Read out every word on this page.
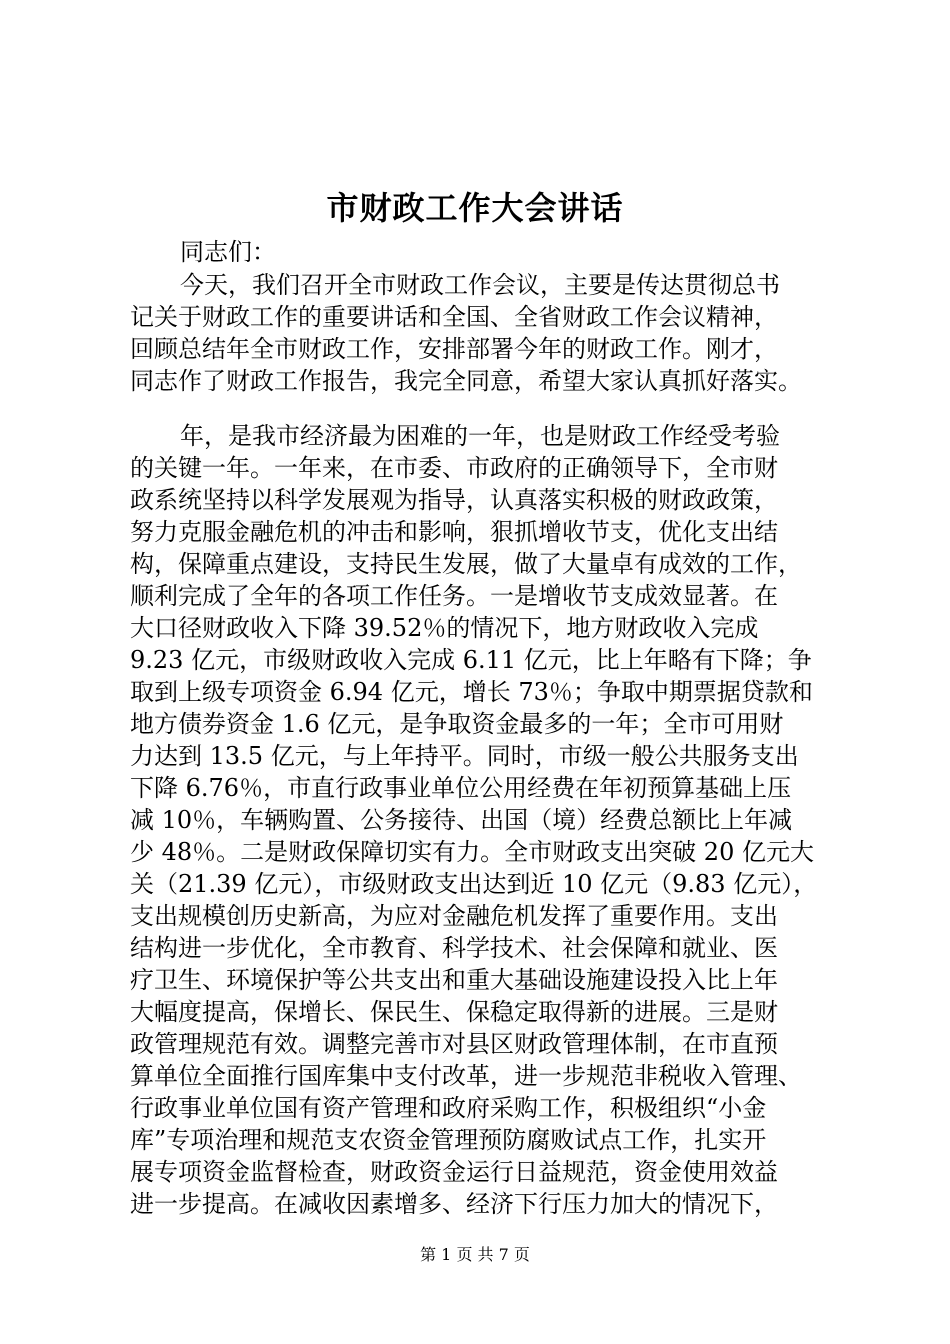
市财政工作大会讲话

同志们：

今天，我们召开全市财政工作会议，主要是传达贯彻总书

记关于财政工作的重要讲话和全国、全省财政工作会议精神，

回顾总结年全市财政工作，安排部署今年的财政工作。刚才，

同志作了财政工作报告，我完全同意，希望大家认真抓好落实。

年，是我市经济最为困难的一年，也是财政工作经受考验

的关键一年。一年来，在市委、市政府的正确领导下，全市财

政系统坚持以科学发展观为指导，认真落实积极的财政政策，

努力克服金融危机的冲击和影响，狠抓增收节支，优化支出结

构，保障重点建设，支持民生发展，做了大量卓有成效的工作，

顺利完成了全年的各项工作任务。一是增收节支成效显著。在

大口径财政收入下降 39.52％的情况下，地方财政收入完成

9.23 亿元，市级财政收入完成 6.11 亿元，比上年略有下降；争

取到上级专项资金 6.94 亿元，增长 73％；争取中期票据贷款和

地方债券资金 1.6 亿元，是争取资金最多的一年；全市可用财

力达到 13.5 亿元，与上年持平。同时，市级一般公共服务支出

下降 6.76％，市直行政事业单位公用经费在年初预算基础上压

减 10％，车辆购置、公务接待、出国（境）经费总额比上年减

少 48％。二是财政保障切实有力。全市财政支出突破 20 亿元大

关（21.39 亿元），市级财政支出达到近 10 亿元（9.83 亿元），

支出规模创历史新高，为应对金融危机发挥了重要作用。支出

结构进一步优化，全市教育、科学技术、社会保障和就业、医

疗卫生、环境保护等公共支出和重大基础设施建设投入比上年

大幅度提高，保增长、保民生、保稳定取得新的进展。三是财

政管理规范有效。调整完善市对县区财政管理体制，在市直预

算单位全面推行国库集中支付改革，进一步规范非税收入管理、

行政事业单位国有资产管理和政府采购工作，积极组织“小金

库”专项治理和规范支农资金管理预防腐败试点工作，扎实开

展专项资金监督检查，财政资金运行日益规范，资金使用效益

进一步提高。在减收因素增多、经济下行压力加大的情况下，

第 1 页 共 7 页
